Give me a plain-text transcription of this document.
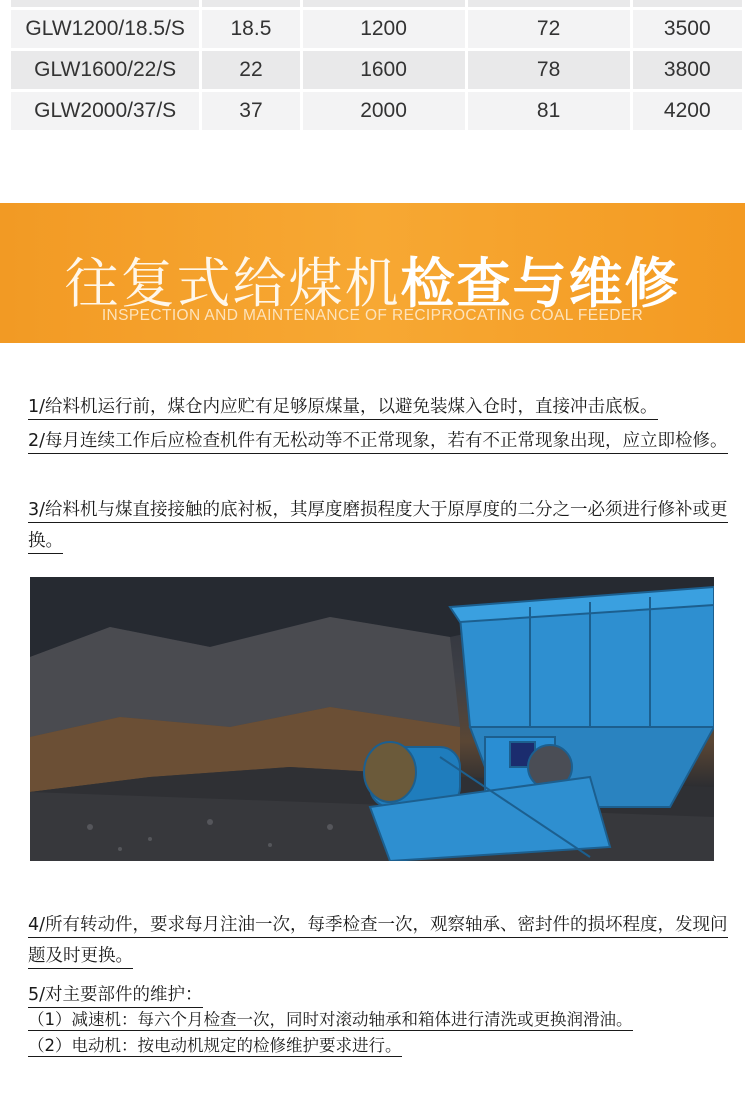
GLW1200/18.5/S	18.5	1200	72	3500
GLW1600/22/S	22	1600	78	3800
GLW2000/37/S	37	2000	81	4200
往复式给煤机检查与维修
INSPECTION AND MAINTENANCE OF RECIPROCATING COAL FEEDER
1/给料机运行前，煤仓内应贮有足够原煤量，以避免装煤入仓时，直接冲击底板。
2/每月连续工作后应检查机件有无松动等不正常现象，若有不正常现象出现，应立即检修。
3/给料机与煤直接接触的底衬板，其厚度磨损程度大于原厚度的二分之一必须进行修补或更换。
4/所有转动件，要求每月注油一次，每季检查一次，观察轴承、密封件的损坏程度，发现问题及时更换。
5/对主要部件的维护：
（1）减速机：每六个月检查一次，同时对滚动轴承和箱体进行清洗或更换润滑油。
（2）电动机：按电动机规定的检修维护要求进行。
